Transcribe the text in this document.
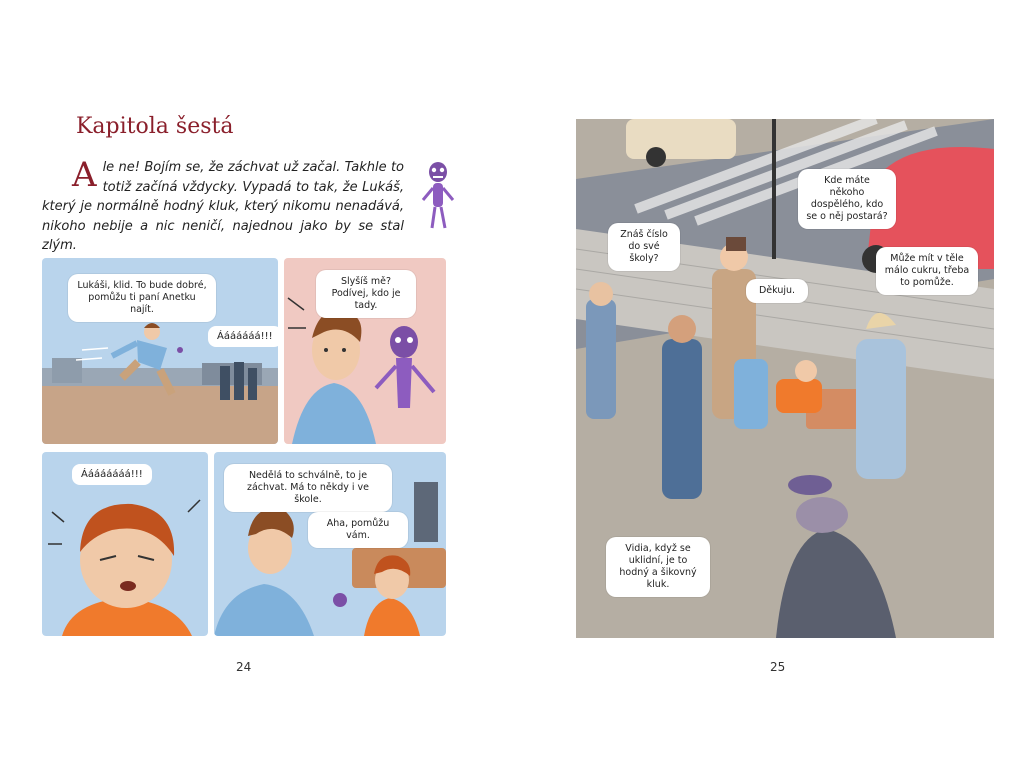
Kapitola šestá
A le ne! Bojím se, že záchvat už začal. Takhle to totiž začíná vždycky. Vypadá to tak, že Lukáš, který je normálně hodný kluk, který nikomu nenadává, nikoho nebije a nic neničí, najednou jako by se stal zlým.
Lukáši, klid. To bude dobré, pomůžu ti paní Anetku najít.
Ááááááá!!!
Slyšíš mě? Podívej, kdo je tady.
Áááááááá!!!	Nedělá to schválně, to je záchvat. Má to někdy i ve škole.
Aha, pomůžu vám.
24
Znáš číslo do své školy?
Kde máte někoho dospělého, kdo se o něj postará?
Děkuju.
Může mít v těle málo cukru, třeba to pomůže.
Vidia, když se uklidní, je to hodný a šikovný kluk.
25
